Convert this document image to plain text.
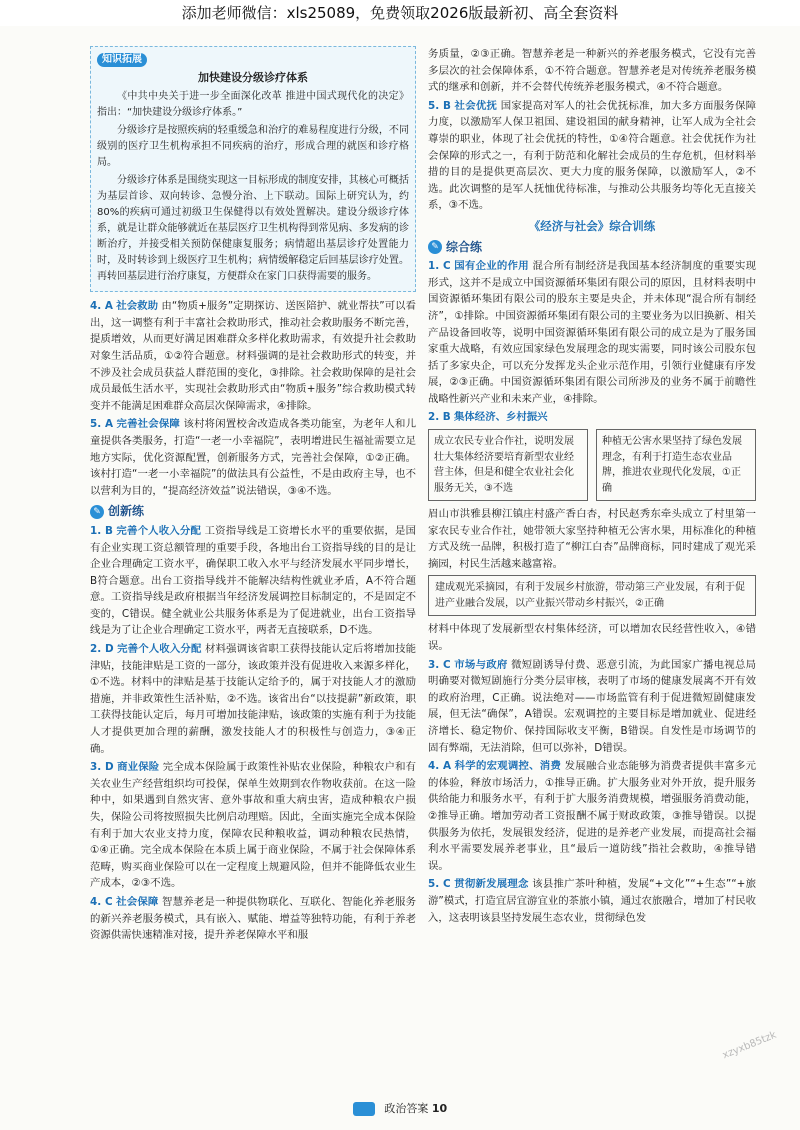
添加老师微信：xls25089，免费领取2026版最新初、高全套资料
知识拓展
加快建设分级诊疗体系

《中共中央关于进一步全面深化改革 推进中国式现代化的决定》指出：“加快建设分级诊疗体系。”

分级诊疗是按照疾病的轻重缓急和治疗的难易程度进行分级，不同级别的医疗卫生机构承担不同疾病的治疗，形成合理的就医和诊疗格局。

分级诊疗体系是围绕实现这一目标形成的制度安排，其核心可概括为基层首诊、双向转诊、急慢分治、上下联动。国际上研究认为，约80%的疾病可通过初级卫生保健得以有效处置解决。建设分级诊疗体系，就是让群众能够就近在基层医疗卫生机构得到常见病、多发病的诊断治疗，并接受相关预防保健康复服务；病情超出基层诊疗处置能力时，及时转诊到上级医疗卫生机构；病情缓解稳定后回基层诊疗处置。再转回基层进行治疗康复，方便群众在家门口获得需要的服务。

4. A 社会救助 由“物质+服务”定期探访、送医陪护、就业帮扶”可以看出，这一调整有利于丰富社会救助形式，推动社会救助服务不断完善，提质增效，从而更好满足困难群众多样化救助需求，有效提升社会救助对象生活品质，①②符合题意。材料强调的是社会救助形式的转变，并不涉及社会成员获益人群范围的变化，③排除。社会救助保障的是社会成员最低生活水平，实现社会救助形式由“物质+服务”综合救助模式转变并不能满足困难群众高层次保障需求，④排除。

5. A 完善社会保障 该村将闲置校舍改造成各类功能室，为老年人和儿童提供各类服务，打造“一老一小幸福院”，表明增进民生福祉需要立足地方实际，优化资源配置，创新服务方式，完善社会保障，①②正确。该村打造“一老一小幸福院”的做法具有公益性，不是由政府主导，也不以营利为目的，“提高经济效益”说法错误，③④不选。

✎ 创新练

1. B 完善个人收入分配 工资指导线是工资增长水平的重要依据，是国有企业实现工资总额管理的重要手段，各地出台工资指导线的目的是让企业合理确定工资水平，确保职工收入水平与经济发展水平同步增长，B符合题意。出台工资指导线并不能解决结构性就业矛盾，A不符合题意。工资指导线是政府根据当年经济发展调控目标制定的，不是固定不变的，C错误。健全就业公共服务体系是为了促进就业，出台工资指导线是为了让企业合理确定工资水平，两者无直接联系，D不选。

2. D 完善个人收入分配 材料强调该省职工获得技能认定后将增加技能津贴，技能津贴是工资的一部分，该政策并没有促进收入来源多样化，①不选。材料中的津贴是基于技能认定给予的，属于对技能人才的激励措施，并非政策性生活补贴，②不选。该省出台“以技提薪”新政策，职工获得技能认定后，每月可增加技能津贴，该政策的实施有利于为技能人才提供更加合理的薪酬，激发技能人才的积极性与创造力，③④正确。

3. D 商业保险 完全成本保险属于政策性补贴农业保险，种粮农户和有关农业生产经营组织均可投保，保单生效期到农作物收获前。在这一险种中，如果遇到自然灾害、意外事故和重大病虫害，造成种粮农户损失，保险公司将按照损失比例启动理赔。因此，全面实施完全成本保险有利于加大农业支持力度，保障农民种粮收益，调动种粮农民热情，①④正确。完全成本保险在本质上属于商业保险，不属于社会保障体系范畴，购买商业保险可以在一定程度上规避风险，但并不能降低农业生产成本，②③不选。

4. C 社会保障 智慧养老是一种提供物联化、互联化、智能化养老服务的新兴养老服务模式，具有嵌入、赋能、增益等独特功能，有利于养老资源供需快速精准对接，提升养老保障水平和服

务质量，②③正确。智慧养老是一种新兴的养老服务模式，它没有完善多层次的社会保障体系，①不符合题意。智慧养老是对传统养老服务模式的继承和创新，并不会替代传统养老服务模式，④不符合题意。

5. B 社会优抚 国家提高对军人的社会优抚标准，加大多方面服务保障力度，以激励军人保卫祖国、建设祖国的献身精神，让军人成为全社会尊崇的职业，体现了社会优抚的特性，①④符合题意。社会优抚作为社会保障的形式之一，有利于防范和化解社会成员的生存危机，但材料举措的目的是提供更高层次、更大力度的服务保障，以激励军人，②不选。此次调整的是军人抚恤优待标准，与推动公共服务均等化无直接关系，③不选。

《经济与社会》综合训练
✎ 综合练

1. C 国有企业的作用 混合所有制经济是我国基本经济制度的重要实现形式，这并不是成立中国资源循环集团有限公司的原因，且材料表明中国资源循环集团有限公司的股东主要是央企，并未体现“混合所有制经济”，①排除。中国资源循环集团有限公司的主要业务为以旧换新、相关产品设备回收等，说明中国资源循环集团有限公司的成立是为了服务国家重大战略，有效应国家绿色发展理念的现实需要，同时该公司股东包括了多家央企，可以充分发挥龙头企业示范作用，引领行业健康有序发展，②③正确。中国资源循环集团有限公司所涉及的业务不属于前瞻性战略性新兴产业和未来产业，④排除。

2. B 集体经济、乡村振兴

成立农民专业合作社，说明发展壮大集体经济要培育新型农业经营主体，但是和健全农业社会化服务无关，③不选
种植无公害水果坚持了绿色发展理念，有利于打造生态农业品牌，推进农业现代化发展，①正确

眉山市洪雅县柳江镇庄村盛产香白杏，村民赵秀东牵头成立了村里第一家农民专业合作社，她带领大家坚持种植无公害水果，用标准化的种植方式及统一品牌，积极打造了“柳江白杏”品牌商标，同时建成了观光采摘园，村民生活越来越富裕。

建成观光采摘园，有利于发展乡村旅游，带动第三产业发展，有利于促进产业融合发展，以产业振兴带动乡村振兴，②正确

材料中体现了发展新型农村集体经济，可以增加农民经营性收入，④错误。

3. C 市场与政府 微短剧诱导付费、恶意引流，为此国家广播电视总局明确要对微短剧施行分类分层审核，表明了市场的健康发展离不开有效的政府治理，C正确。说法绝对——市场监管有利于促进微短剧健康发展，但无法“确保”，A错误。宏观调控的主要目标是增加就业、促进经济增长、稳定物价、保持国际收支平衡，B错误。自发性是市场调节的固有弊端，无法消除，但可以弥补，D错误。

4. A 科学的宏观调控、消费 发展融合业态能够为消费者提供丰富多元的体验，释放市场活力，①推导正确。扩大服务业对外开放，提升服务供给能力和服务水平，有利于扩大服务消费规模，增强服务消费动能，②推导正确。增加劳动者工资报酬不属于财政政策，③推导错误。以提供服务为依托，发展银发经济，促进的是养老产业发展，而提高社会福利水平需要发展养老事业，且“最后一道防线”指社会救助，④推导错误。

5. C 贯彻新发展理念 该县推广茶叶种植，发展“+文化”“+生态”“+旅游”模式，打造宜居宜游宜业的茶旅小镇，通过农旅融合，增加了村民收入，这表明该县坚持发展生态农业，贯彻绿色发

xzyxb85tzk
政治答案 10
